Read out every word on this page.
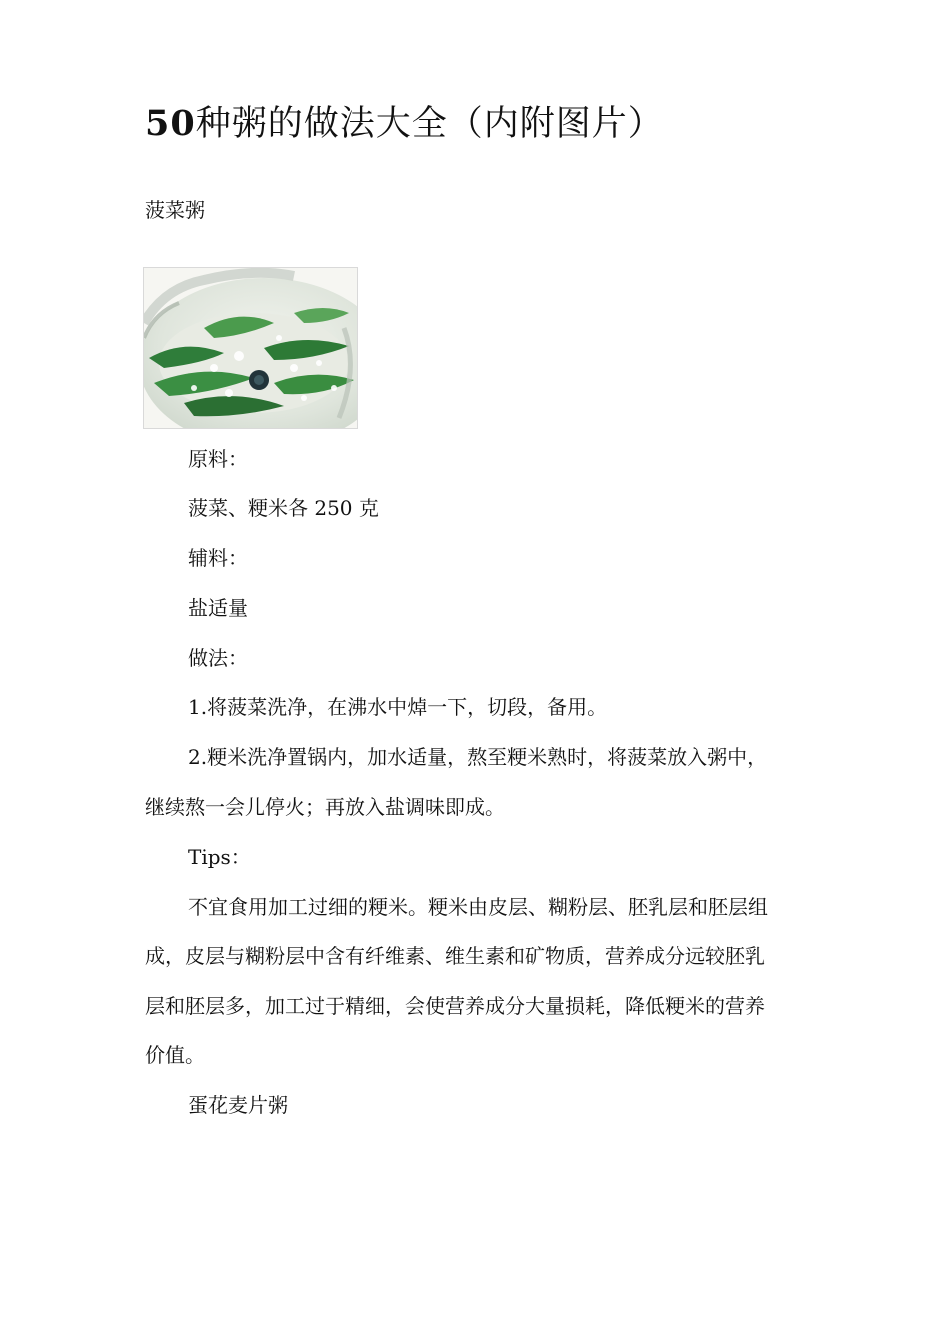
50种粥的做法大全（内附图片）
菠菜粥
原料：
菠菜、粳米各 250 克
辅料：
盐适量
做法：
1.将菠菜洗净，在沸水中焯一下，切段，备用。
2.粳米洗净置锅内，加水适量，熬至粳米熟时，将菠菜放入粥中，
继续熬一会儿停火；再放入盐调味即成。
Tips：
不宜食用加工过细的粳米。粳米由皮层、糊粉层、胚乳层和胚层组
成，皮层与糊粉层中含有纤维素、维生素和矿物质，营养成分远较胚乳
层和胚层多，加工过于精细，会使营养成分大量损耗，降低粳米的营养
价值。
蛋花麦片粥
